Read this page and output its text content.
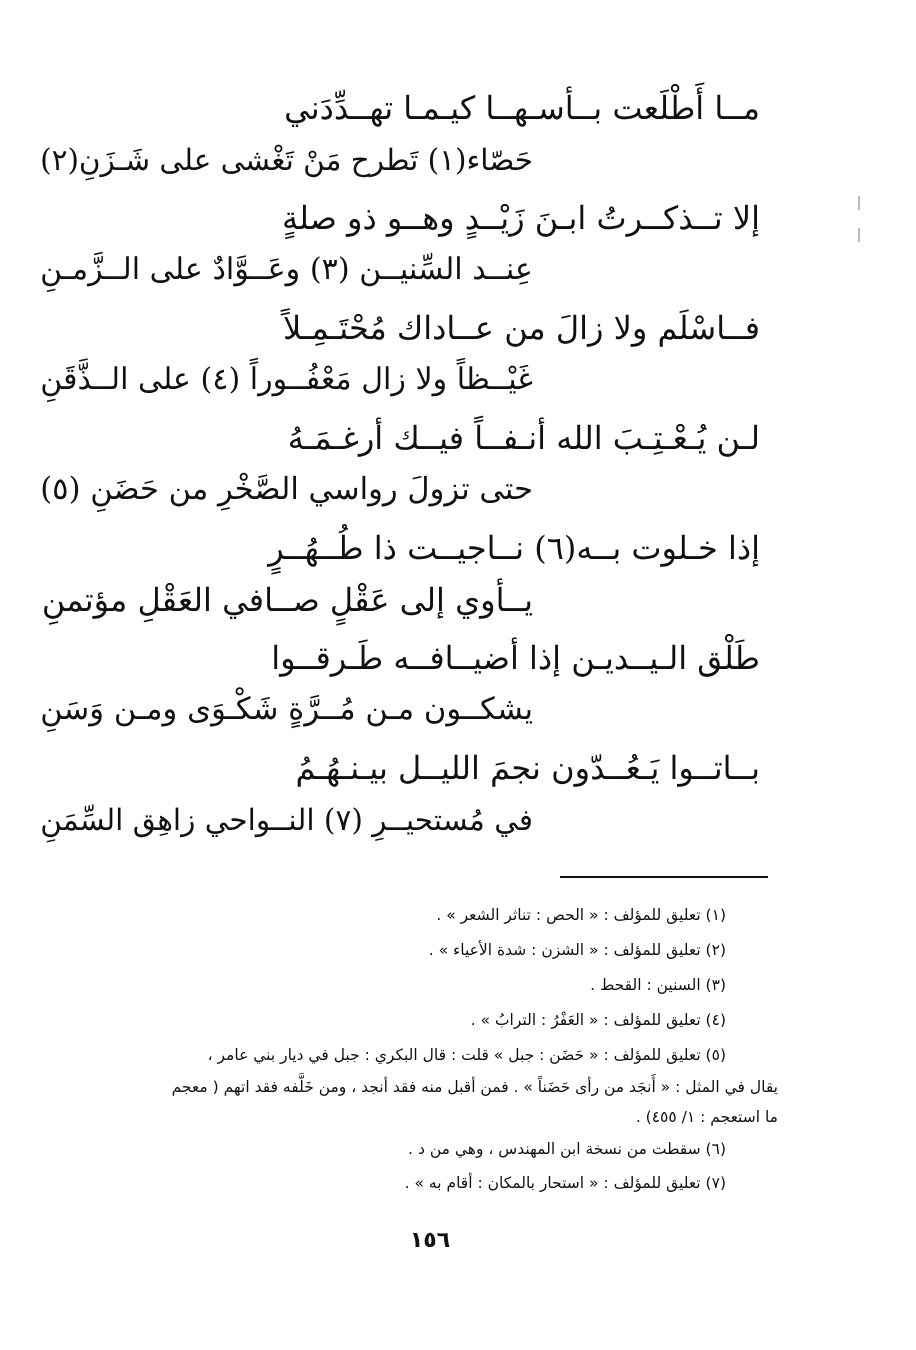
مــا أَطْلَعت بــأسـهــا كيـمـا تهــدِّدَني
حَصّاء(١) تَطرح مَنْ تَغْشى على شَـزَنِ(٢)
إلا تــذكــرتُ ابـنَ زَيْــدٍ وهــو ذو صلةٍ
عِنــد السِّنيــن (٣) وعَــوَّادٌ على الــزَّمـنِ
فــاسْلَم ولا زالَ من عــاداك مُحْتَـمِـلاً
غَيْــظاً ولا زال مَعْفُــوراً (٤) على الــذَّقَنِ
لـن يُـعْـتِـبَ الله أنـفــاً فيــك أرغـمَـهُ
حتى تزولَ رواسي الصَّخْرِ من حَضَنِ (٥)
إذا خـلوت بــه(٦) نــاجيــت ذا طُــهُــرٍ
يــأوي إلى عَقْلٍ صــافي العَقْلِ مؤتمنِ
طَلْق الـيــديـن إذا أضيــافــه طَـرقــوا
يشكــون مـن مُــرَّةٍ شَكْـوَى ومـن وَسَنِ
بــاتــوا يَـعُــدّون نجمَ الليــل بيـنـهُـمُ
في مُستحيــرِ (٧) النــواحي زاهِق السِّمَنِ
(١) تعليق للمؤلف : « الحص : تناثر الشعر » .
(٢) تعليق للمؤلف : « الشزن : شدة الأعياء » .
(٣) السنين : القحط .
(٤) تعليق للمؤلف : « العَفْرُ : الترابُ » .
(٥) تعليق للمؤلف : « حَضَن : جبل » قلت : قال البكري : جبل في ديار بني عامر ،
يقال في المثل : « أَنجَد من رأى حَضَناً » . فمن أقبل منه فقد أنجد ، ومن خَلَّفه فقد اتهم ( معجم
ما استعجم : ١/ ٤٥٥) .
(٦) سقطت من نسخة ابن المهندس ، وهي من د .
(٧) تعليق للمؤلف : « استحار بالمكان : أقام به » .
١٥٦
